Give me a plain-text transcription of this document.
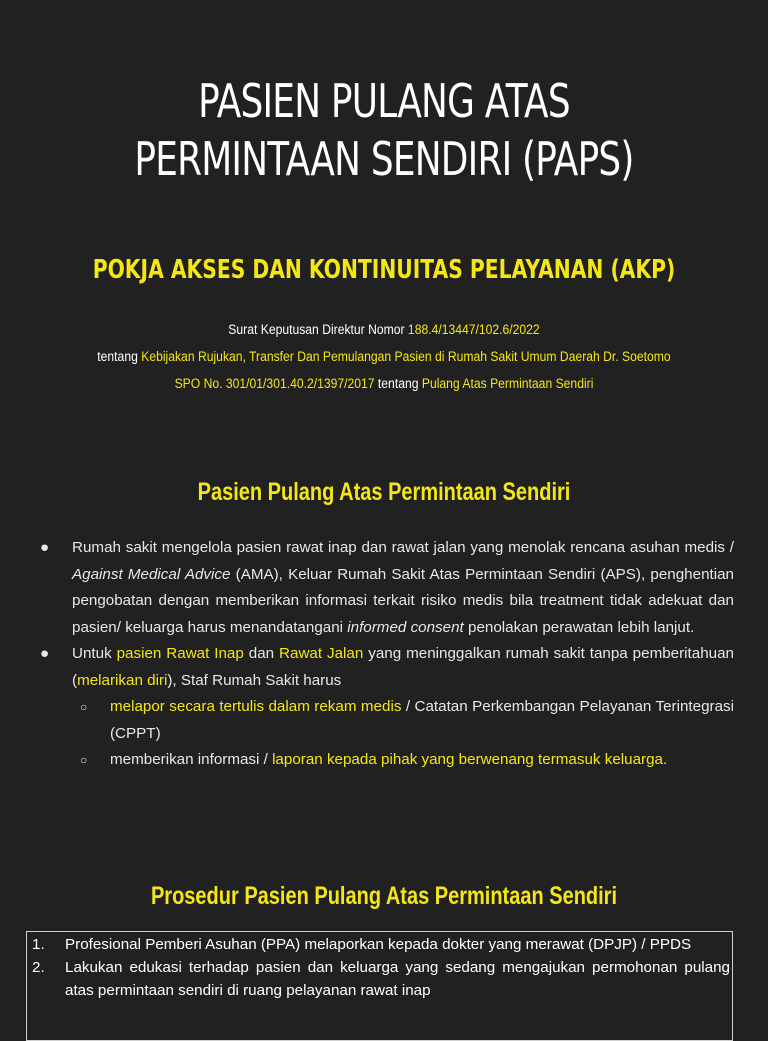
PASIEN PULANG ATAS
PERMINTAAN SENDIRI (PAPS)
POKJA AKSES DAN KONTINUITAS PELAYANAN (AKP)
Surat Keputusan Direktur Nomor 188.4/13447/102.6/2022
tentang Kebijakan Rujukan, Transfer Dan Pemulangan Pasien di Rumah Sakit Umum Daerah Dr. Soetomo
SPO No. 301/01/301.40.2/1397/2017 tentang Pulang Atas Permintaan Sendiri
Pasien Pulang Atas Permintaan Sendiri
● Rumah sakit mengelola pasien rawat inap dan rawat jalan yang menolak rencana asuhan medis / Against Medical Advice (AMA), Keluar Rumah Sakit Atas Permintaan Sendiri (APS), penghentian pengobatan dengan memberikan informasi terkait risiko medis bila treatment tidak adekuat dan pasien/ keluarga harus menandatangani informed consent penolakan perawatan lebih lanjut.
● Untuk pasien Rawat Inap dan Rawat Jalan yang meninggalkan rumah sakit tanpa pemberitahuan (melarikan diri), Staf Rumah Sakit harus
○ melapor secara tertulis dalam rekam medis / Catatan Perkembangan Pelayanan Terintegrasi (CPPT)
○ memberikan informasi / laporan kepada pihak yang berwenang termasuk keluarga.
Prosedur Pasien Pulang Atas Permintaan Sendiri
1. Profesional Pemberi Asuhan (PPA) melaporkan kepada dokter yang merawat (DPJP) / PPDS
2. Lakukan edukasi terhadap pasien dan keluarga yang sedang mengajukan permohonan pulang atas permintaan sendiri di ruang pelayanan rawat inap
